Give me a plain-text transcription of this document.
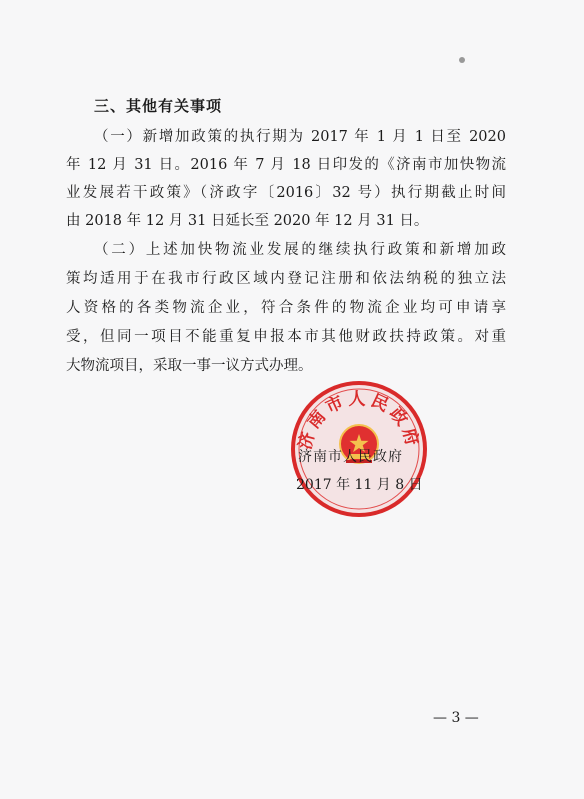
三、其他有关事项
（一）新增加政策的执行期为 2017 年 1 月 1 日至 2020
年 12 月 31 日。2016 年 7 月 18 日印发的《济南市加快物流
业发展若干政策》（济政字〔2016〕32 号）执行期截止时间
由 2018 年 12 月 31 日延长至 2020 年 12 月 31 日。
（二）上述加快物流业发展的继续执行政策和新增加政
策均适用于在我市行政区域内登记注册和依法纳税的独立法
人资格的各类物流企业，符合条件的物流企业均可申请享
受，但同一项目不能重复申报本市其他财政扶持政策。对重
大物流项目，采取一事一议方式办理。
济南市人民政府
济南市人民政府
2017 年 11 月 8 日
— 3 —
